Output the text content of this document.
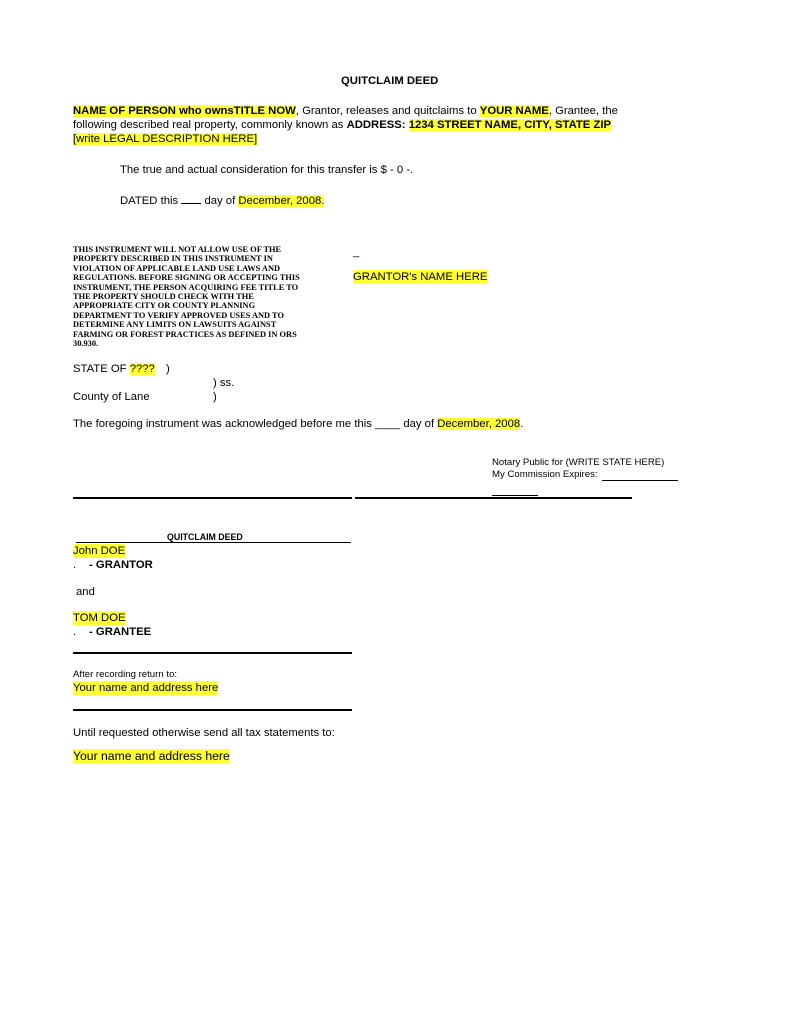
QUITCLAIM DEED
NAME OF PERSON who ownsTITLE NOW, Grantor, releases and quitclaims to YOUR NAME, Grantee, the
following described real property, commonly known as ADDRESS: 1234 STREET NAME, CITY, STATE ZIP
[write LEGAL DESCRIPTION HERE]
The true and actual consideration for this transfer is $ - 0 -.
DATED this day of December, 2008.
THIS INSTRUMENT WILL NOT ALLOW USE OF THE
PROPERTY DESCRIBED IN THIS INSTRUMENT IN
VIOLATION OF APPLICABLE LAND USE LAWS AND
REGULATIONS. BEFORE SIGNING OR ACCEPTING THIS
INSTRUMENT, THE PERSON ACQUIRING FEE TITLE TO
THE PROPERTY SHOULD CHECK WITH THE
APPROPRIATE CITY OR COUNTY PLANNING
DEPARTMENT TO VERIFY APPROVED USES AND TO
DETERMINE ANY LIMITS ON LAWSUITS AGAINST
FARMING OR FOREST PRACTICES AS DEFINED IN ORS
30.930.
_
GRANTOR's NAME HERE
STATE OF ???? )
) ss.
County of Lane	)
The foregoing instrument was acknowledged before me this ____ day of December, 2008.
Notary Public for (WRITE STATE HERE)
My Commission Expires:
QUITCLAIM DEED
John DOE
. - GRANTOR
and
TOM DOE
. - GRANTEE
After recording return to:
Your name and address here
Until requested otherwise send all tax statements to:
Your name and address here
